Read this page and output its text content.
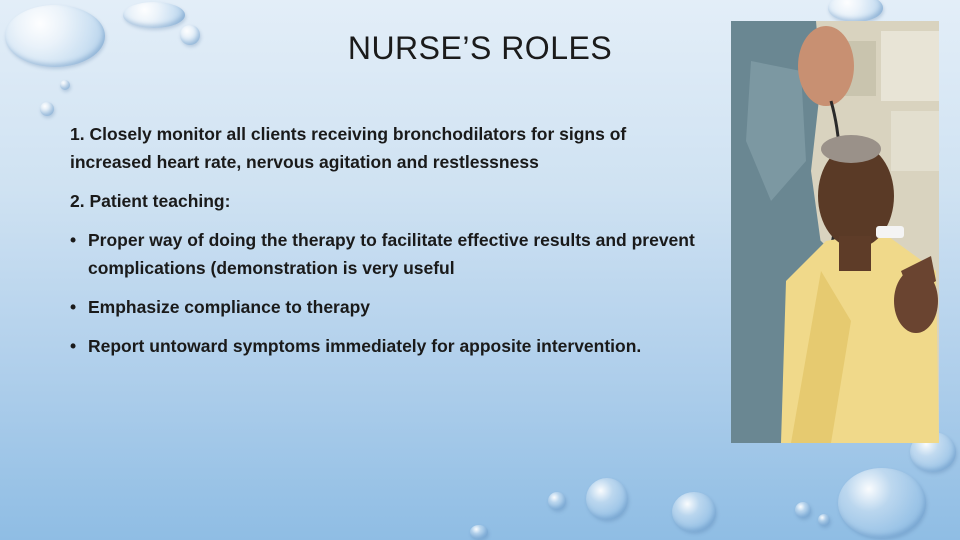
NURSE’S ROLES

1. Closely monitor all clients receiving bronchodilators for signs of increased heart rate, nervous agitation and restlessness

2. Patient teaching:

• Proper way of doing the therapy to facilitate effective results and prevent complications (demonstration is very useful
• Emphasize compliance to therapy
• Report untoward symptoms immediately for apposite intervention.
